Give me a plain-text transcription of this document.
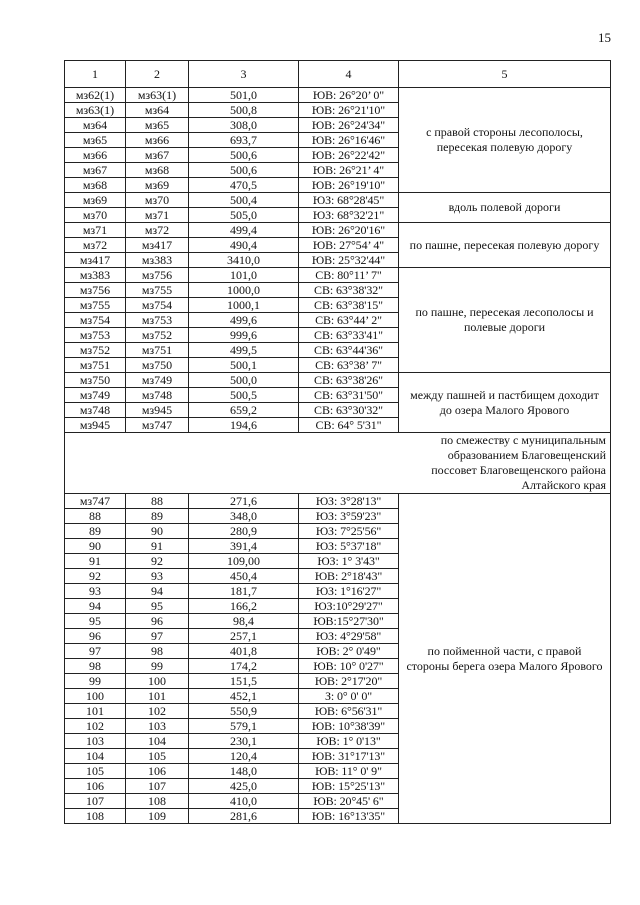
15
1	2	3	4	5
мз62(1)	мз63(1)	501,0	ЮВ: 26°20’ 0"	с правой стороны лесополосы, пересекая полевую дорогу
мз63(1)	мз64	500,8	ЮВ: 26°21'10"	
мз64	мз65	308,0	ЮВ: 26°24'34"	
мз65	мз66	693,7	ЮВ: 26°16'46"	
мз66	мз67	500,6	ЮВ: 26°22'42"	
мз67	мз68	500,6	ЮВ: 26°21’ 4"	
мз68	мз69	470,5	ЮВ: 26°19'10"	
мз69	мз70	500,4	ЮЗ: 68°28'45"	вдоль полевой дороги
мз70	мз71	505,0	ЮЗ: 68°32'21"	
мз71	мз72	499,4	ЮВ: 26°20'16"	по пашне, пересекая полевую дорогу
мз72	мз417	490,4	ЮВ: 27°54’ 4"	
мз417	мз383	3410,0	ЮВ: 25°32'44"	
мз383	мз756	101,0	СВ: 80°11’ 7"	по пашне, пересекая лесополосы и полевые дороги
мз756	мз755	1000,0	СВ: 63°38'32"	
мз755	мз754	1000,1	СВ: 63°38'15"	
мз754	мз753	499,6	СВ: 63°44’ 2"	
мз753	мз752	999,6	СВ: 63°33'41"	
мз752	мз751	499,5	СВ: 63°44'36"	
мз751	мз750	500,1	СВ: 63°38’ 7"	
мз750	мз749	500,0	СВ: 63°38'26"	между пашней и пастбищем доходит до озера Малого Ярового
мз749	мз748	500,5	СВ: 63°31'50"	
мз748	мз945	659,2	СВ: 63°30'32"	
мз945	мз747	194,6	СВ: 64° 5'31"	
				по смежеству с муниципальным образованием Благовещенский поссовет Благовещенского района Алтайского края
мз747	88	271,6	ЮЗ: 3°28'13"	по пойменной части, с правой стороны берега озера Малого Ярового
88	89	348,0	ЮЗ: 3°59'23"	
89	90	280,9	ЮЗ: 7°25'56"	
90	91	391,4	ЮЗ: 5°37'18"	
91	92	109,00	ЮЗ: 1° 3'43"	
92	93	450,4	ЮВ: 2°18'43"	
93	94	181,7	ЮЗ: 1°16'27"	
94	95	166,2	ЮЗ:10°29'27"	
95	96	98,4	ЮВ:15°27'30"	
96	97	257,1	ЮЗ: 4°29'58"	
97	98	401,8	ЮВ: 2° 0'49"	
98	99	174,2	ЮВ: 10° 0'27"	
99	100	151,5	ЮВ: 2°17'20"	
100	101	452,1	З: 0° 0' 0"	
101	102	550,9	ЮВ: 6°56'31"	
102	103	579,1	ЮВ: 10°38'39"	
103	104	230,1	ЮВ: 1° 0'13"	
104	105	120,4	ЮВ: 31°17'13"	
105	106	148,0	ЮВ: 11° 0' 9"	
106	107	425,0	ЮВ: 15°25'13"	
107	108	410,0	ЮВ: 20°45' 6"	
108	109	281,6	ЮВ: 16°13'35"	
